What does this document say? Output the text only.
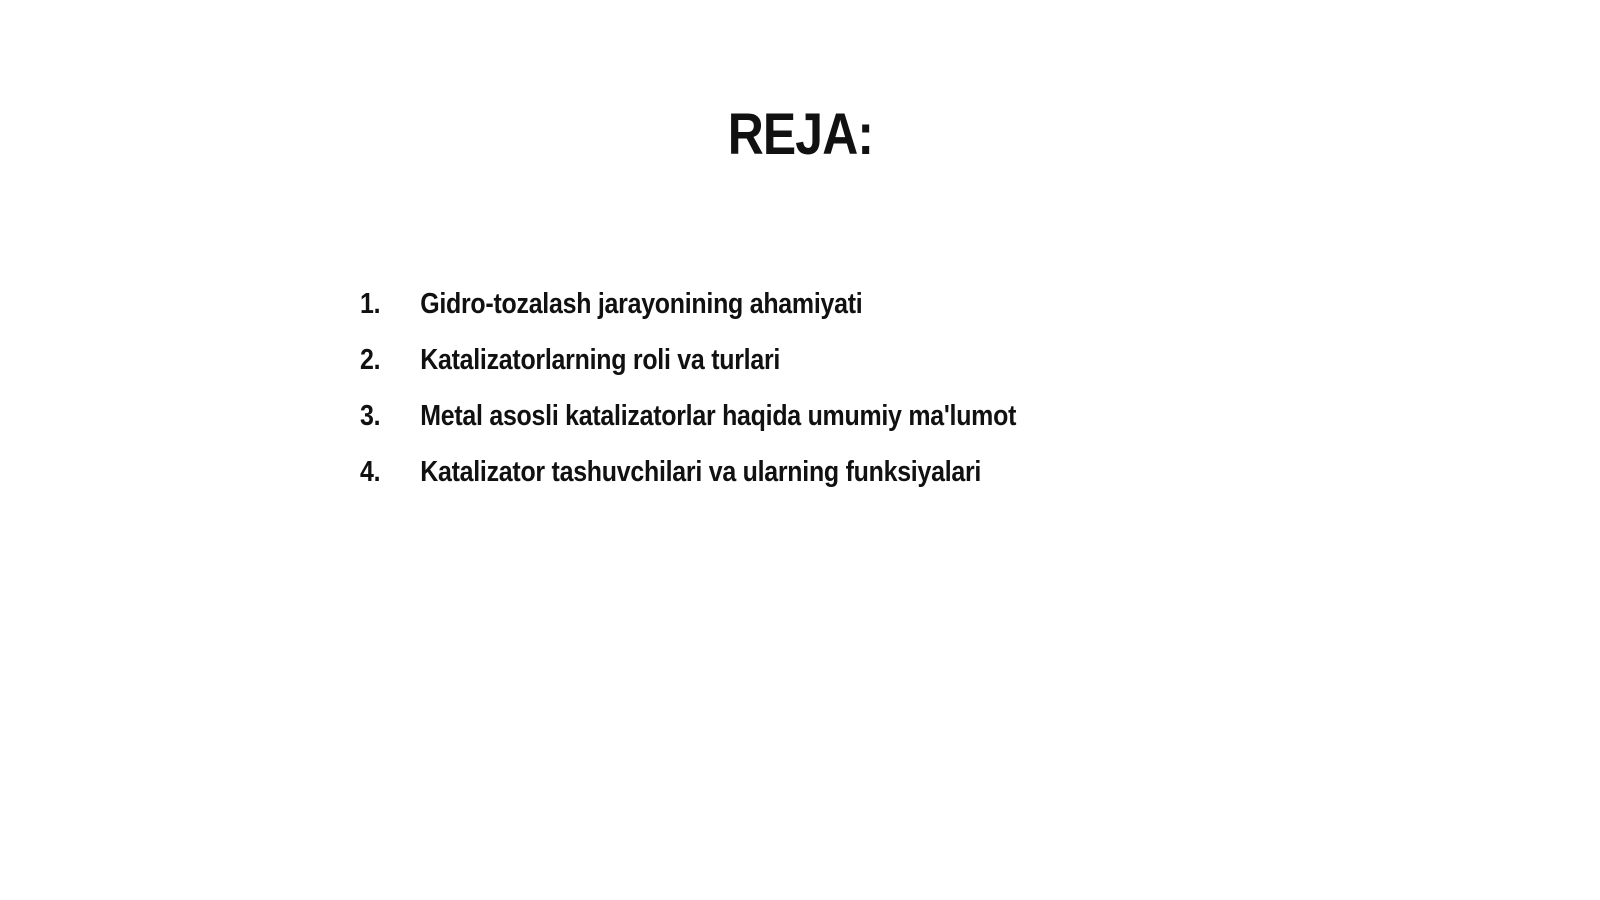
REJA:
1.	Gidro-tozalash jarayonining ahamiyati
2.	Katalizatorlarning roli va turlari
3.	Metal asosli katalizatorlar haqida umumiy ma'lumot
4.	Katalizator tashuvchilari va ularning funksiyalari
